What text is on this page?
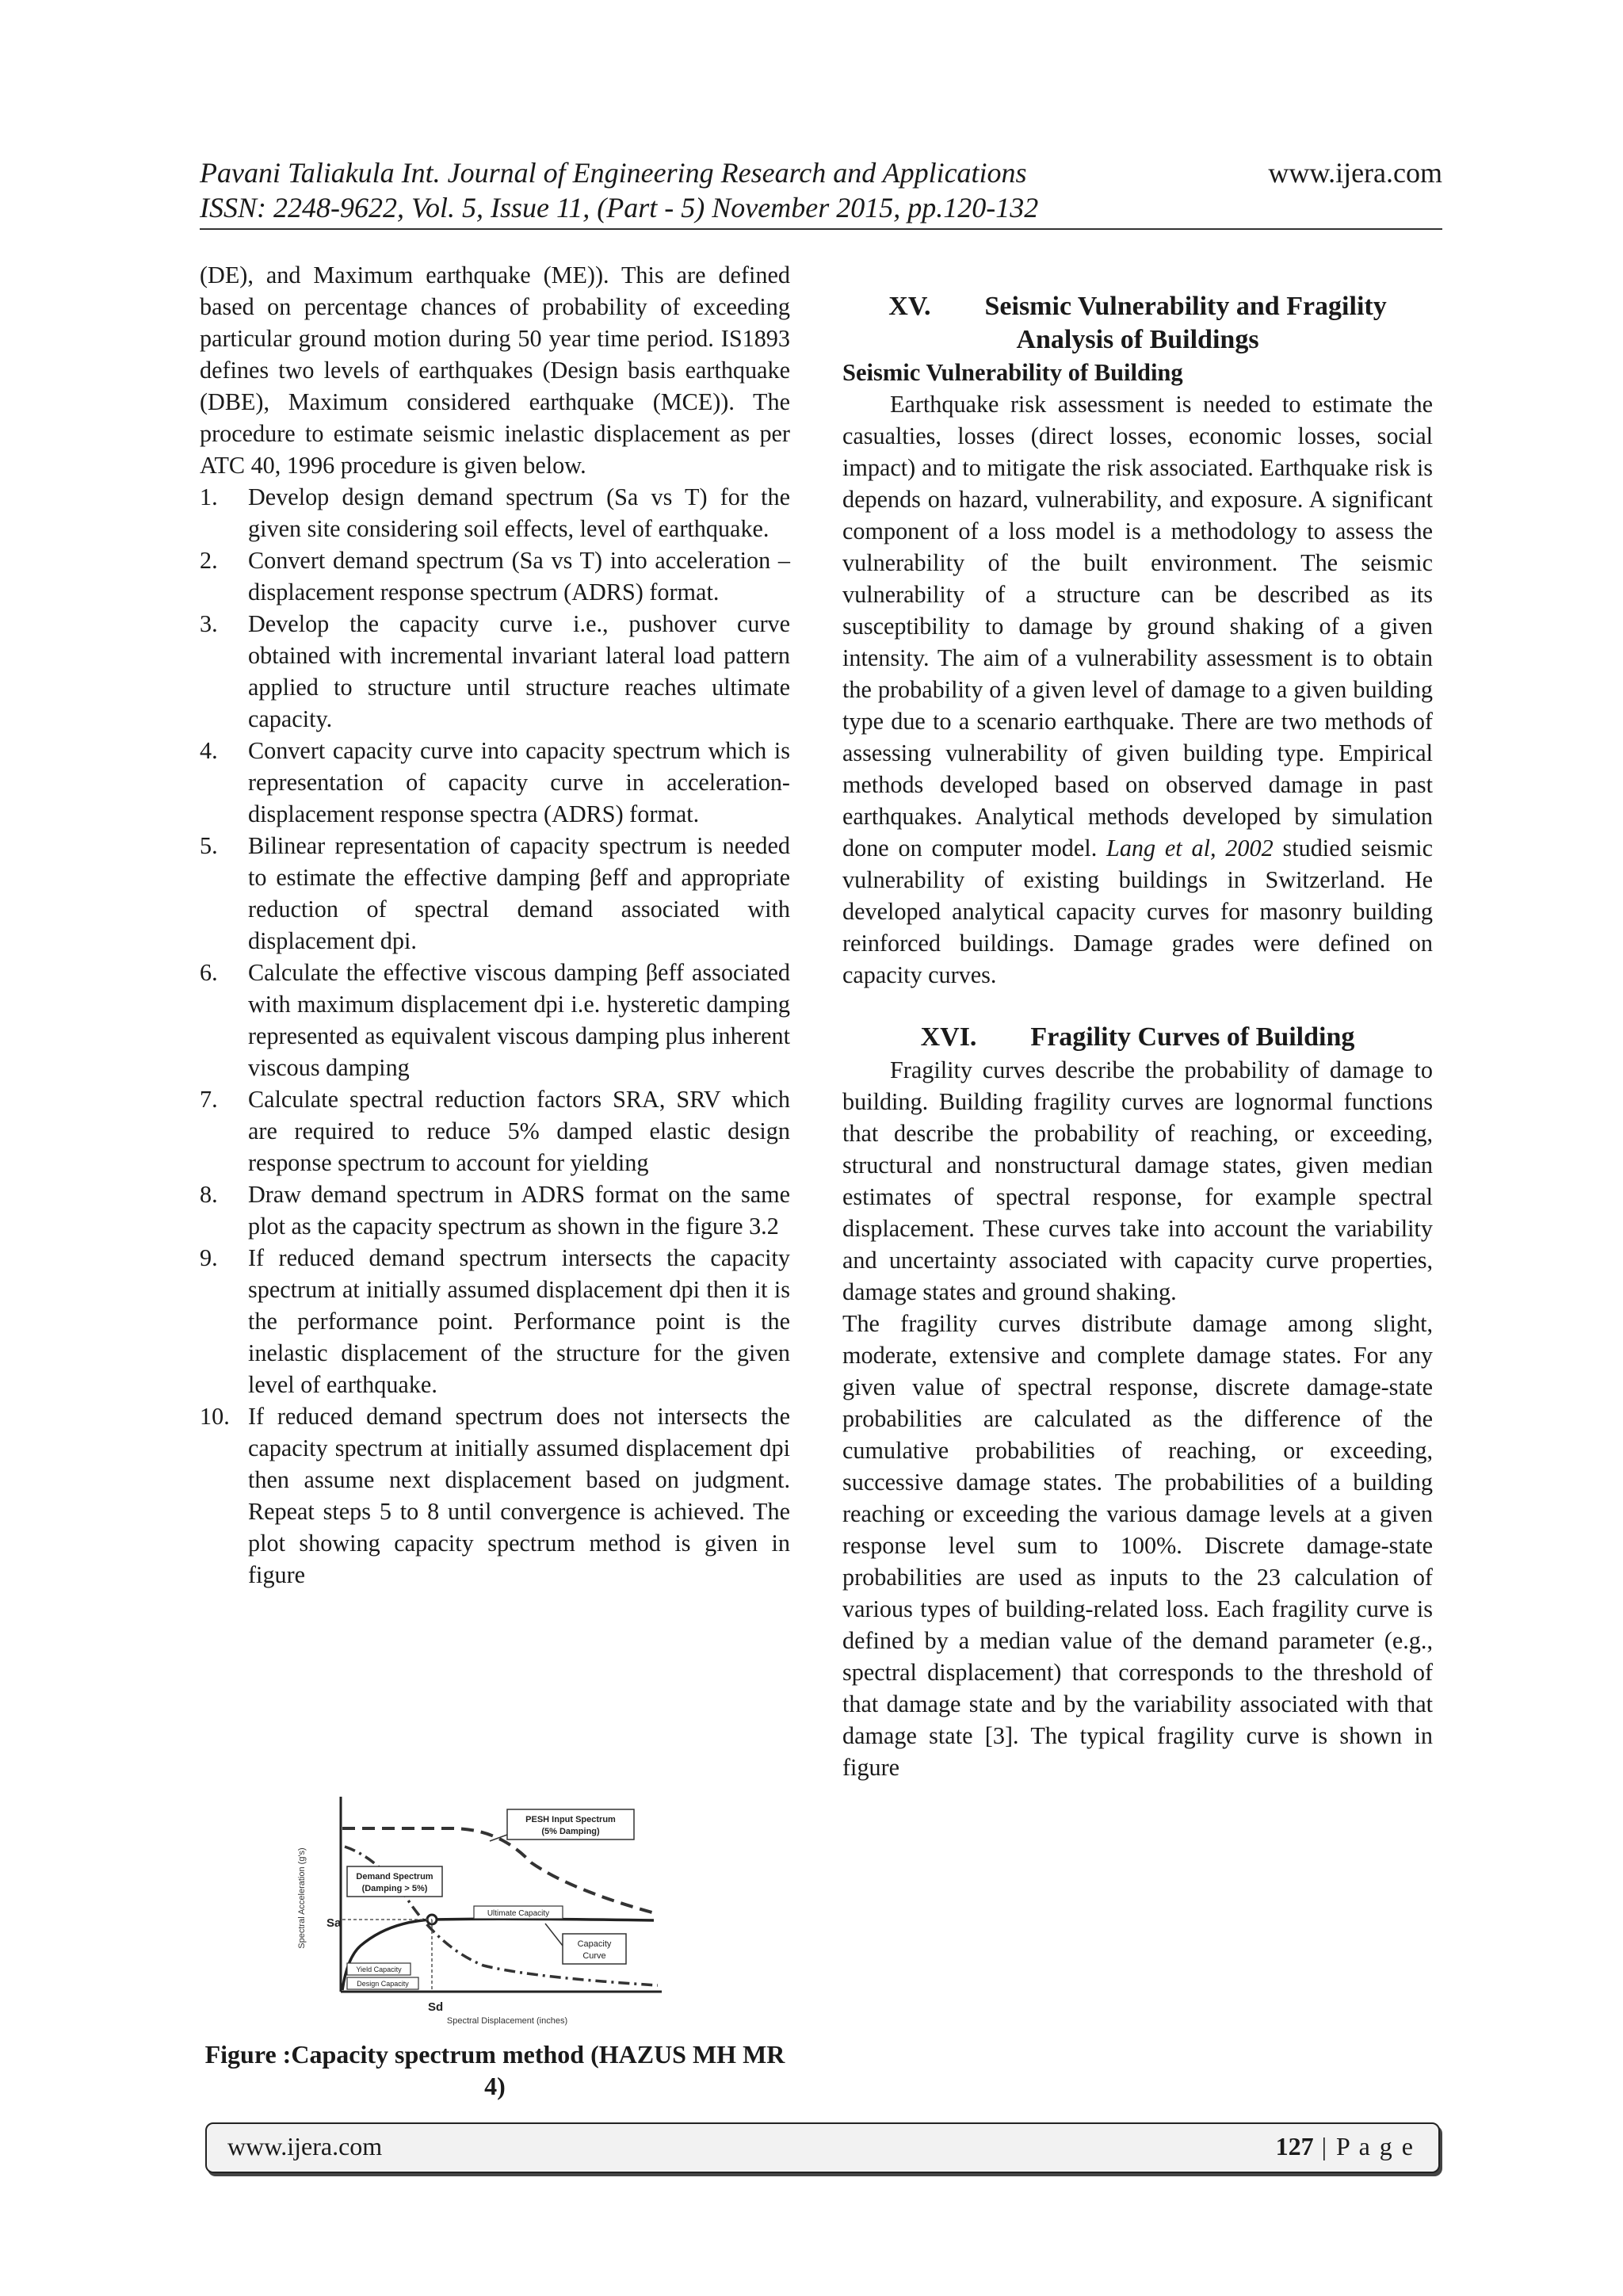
Pavani Taliakula Int. Journal of Engineering Research and Applications	www.ijera.com
ISSN: 2248-9622, Vol. 5, Issue 11, (Part - 5) November 2015, pp.120-132

(DE), and Maximum earthquake (ME)). This are defined based on percentage chances of probability of exceeding particular ground motion during 50 year time period. IS1893 defines two levels of earthquakes (Design basis earthquake (DBE), Maximum considered earthquake (MCE)). The procedure to estimate seismic inelastic displacement as per ATC 40, 1996 procedure is given below.

1. Develop design demand spectrum (Sa vs T) for the given site considering soil effects, level of earthquake.
2. Convert demand spectrum (Sa vs T) into acceleration –displacement response spectrum (ADRS) format.
3. Develop the capacity curve i.e., pushover curve obtained with incremental invariant lateral load pattern applied to structure until structure reaches ultimate capacity.
4. Convert capacity curve into capacity spectrum which is representation of capacity curve in acceleration-displacement response spectra (ADRS) format.
5. Bilinear representation of capacity spectrum is needed to estimate the effective damping βeff and appropriate reduction of spectral demand associated with displacement dpi.
6. Calculate the effective viscous damping βeff associated with maximum displacement dpi i.e. hysteretic damping represented as equivalent viscous damping plus inherent viscous damping
7. Calculate spectral reduction factors SRA, SRV which are required to reduce 5% damped elastic design response spectrum to account for yielding
8. Draw demand spectrum in ADRS format on the same plot as the capacity spectrum as shown in the figure 3.2
9. If reduced demand spectrum intersects the capacity spectrum at initially assumed displacement dpi then it is the performance point. Performance point is the inelastic displacement of the structure for the given level of earthquake.
10. If reduced demand spectrum does not intersects the capacity spectrum at initially assumed displacement dpi then assume next displacement based on judgment. Repeat steps 5 to 8 until convergence is achieved. The plot showing capacity spectrum method is given in figure
Spectral Acceleration (g's)
Spectral Displacement (inches)
Sa
Sd
PESH Input Spectrum
(5% Damping)
Demand Spectrum
(Damping > 5%)
Ultimate Capacity
Capacity
Curve
Yield Capacity
Design Capacity
Figure :Capacity spectrum method (HAZUS MH MR 4)
XV.  Seismic Vulnerability and Fragility Analysis of Buildings
Seismic Vulnerability of Building

Earthquake risk assessment is needed to estimate the casualties, losses (direct losses, economic losses, social impact) and to mitigate the risk associated. Earthquake risk is depends on hazard, vulnerability, and exposure. A significant component of a loss model is a methodology to assess the vulnerability of the built environment. The seismic vulnerability of a structure can be described as its susceptibility to damage by ground shaking of a given intensity. The aim of a vulnerability assessment is to obtain the probability of a given level of damage to a given building type due to a scenario earthquake. There are two methods of assessing vulnerability of given building type. Empirical methods developed based on observed damage in past earthquakes. Analytical methods developed by simulation done on computer model. Lang et al, 2002 studied seismic vulnerability of existing buildings in Switzerland. He developed analytical capacity curves for masonry building reinforced buildings. Damage grades were defined on capacity curves.

XVI.  Fragility Curves of Building

Fragility curves describe the probability of damage to building. Building fragility curves are lognormal functions that describe the probability of reaching, or exceeding, structural and nonstructural damage states, given median estimates of spectral response, for example spectral displacement. These curves take into account the variability and uncertainty associated with capacity curve properties, damage states and ground shaking.

The fragility curves distribute damage among slight, moderate, extensive and complete damage states. For any given value of spectral response, discrete damage-state probabilities are calculated as the difference of the cumulative probabilities of reaching, or exceeding, successive damage states. The probabilities of a building reaching or exceeding the various damage levels at a given response level sum to 100%. Discrete damage-state probabilities are used as inputs to the 23 calculation of various types of building-related loss. Each fragility curve is defined by a median value of the demand parameter (e.g., spectral displacement) that corresponds to the threshold of that damage state and by the variability associated with that damage state [3]. The typical fragility curve is shown in figure

www.ijera.com	127 | P a g e
